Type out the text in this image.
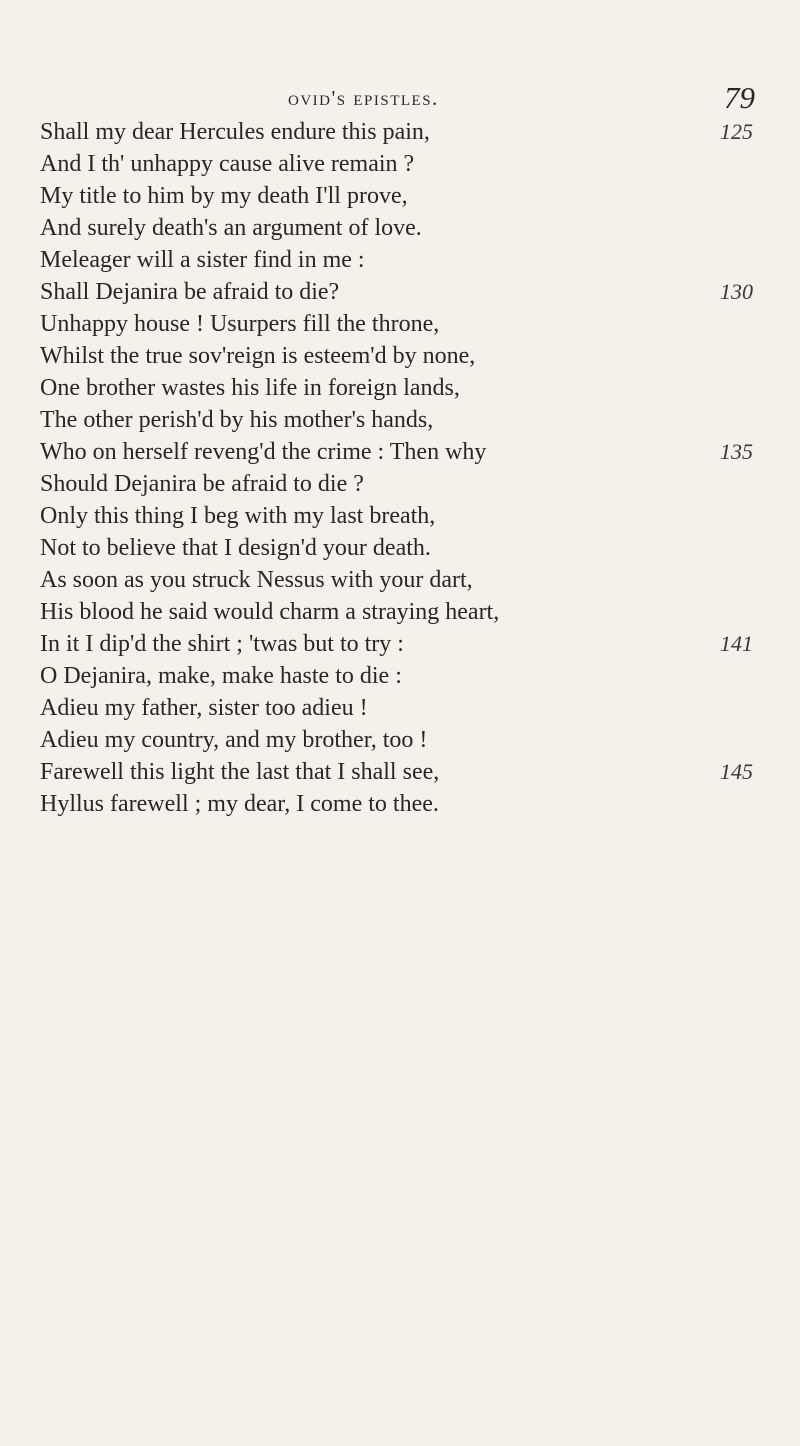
ovid's epistles.	79
Shall my dear Hercules endure this pain,	125
And I th' unhappy cause alive remain ?
My title to him by my death I'll prove,
And surely death's an argument of love.
Meleager will a sister find in me :
Shall Dejanira be afraid to die?	130
Unhappy house ! Usurpers fill the throne,
Whilst the true sov'reign is esteem'd by none,
One brother wastes his life in foreign lands,
The other perish'd by his mother's hands,
Who on herself reveng'd the crime : Then why	135
Should Dejanira be afraid to die ?
Only this thing I beg with my last breath,
Not to believe that I design'd your death.
As soon as you struck Nessus with your dart,
His blood he said would charm a straying heart,
In it I dip'd the shirt ; 'twas but to try :	141
O Dejanira, make, make haste to die :
Adieu my father, sister too adieu !
Adieu my country, and my brother, too !
Farewell this light the last that I shall see,	145
Hyllus farewell ; my dear, I come to thee.
